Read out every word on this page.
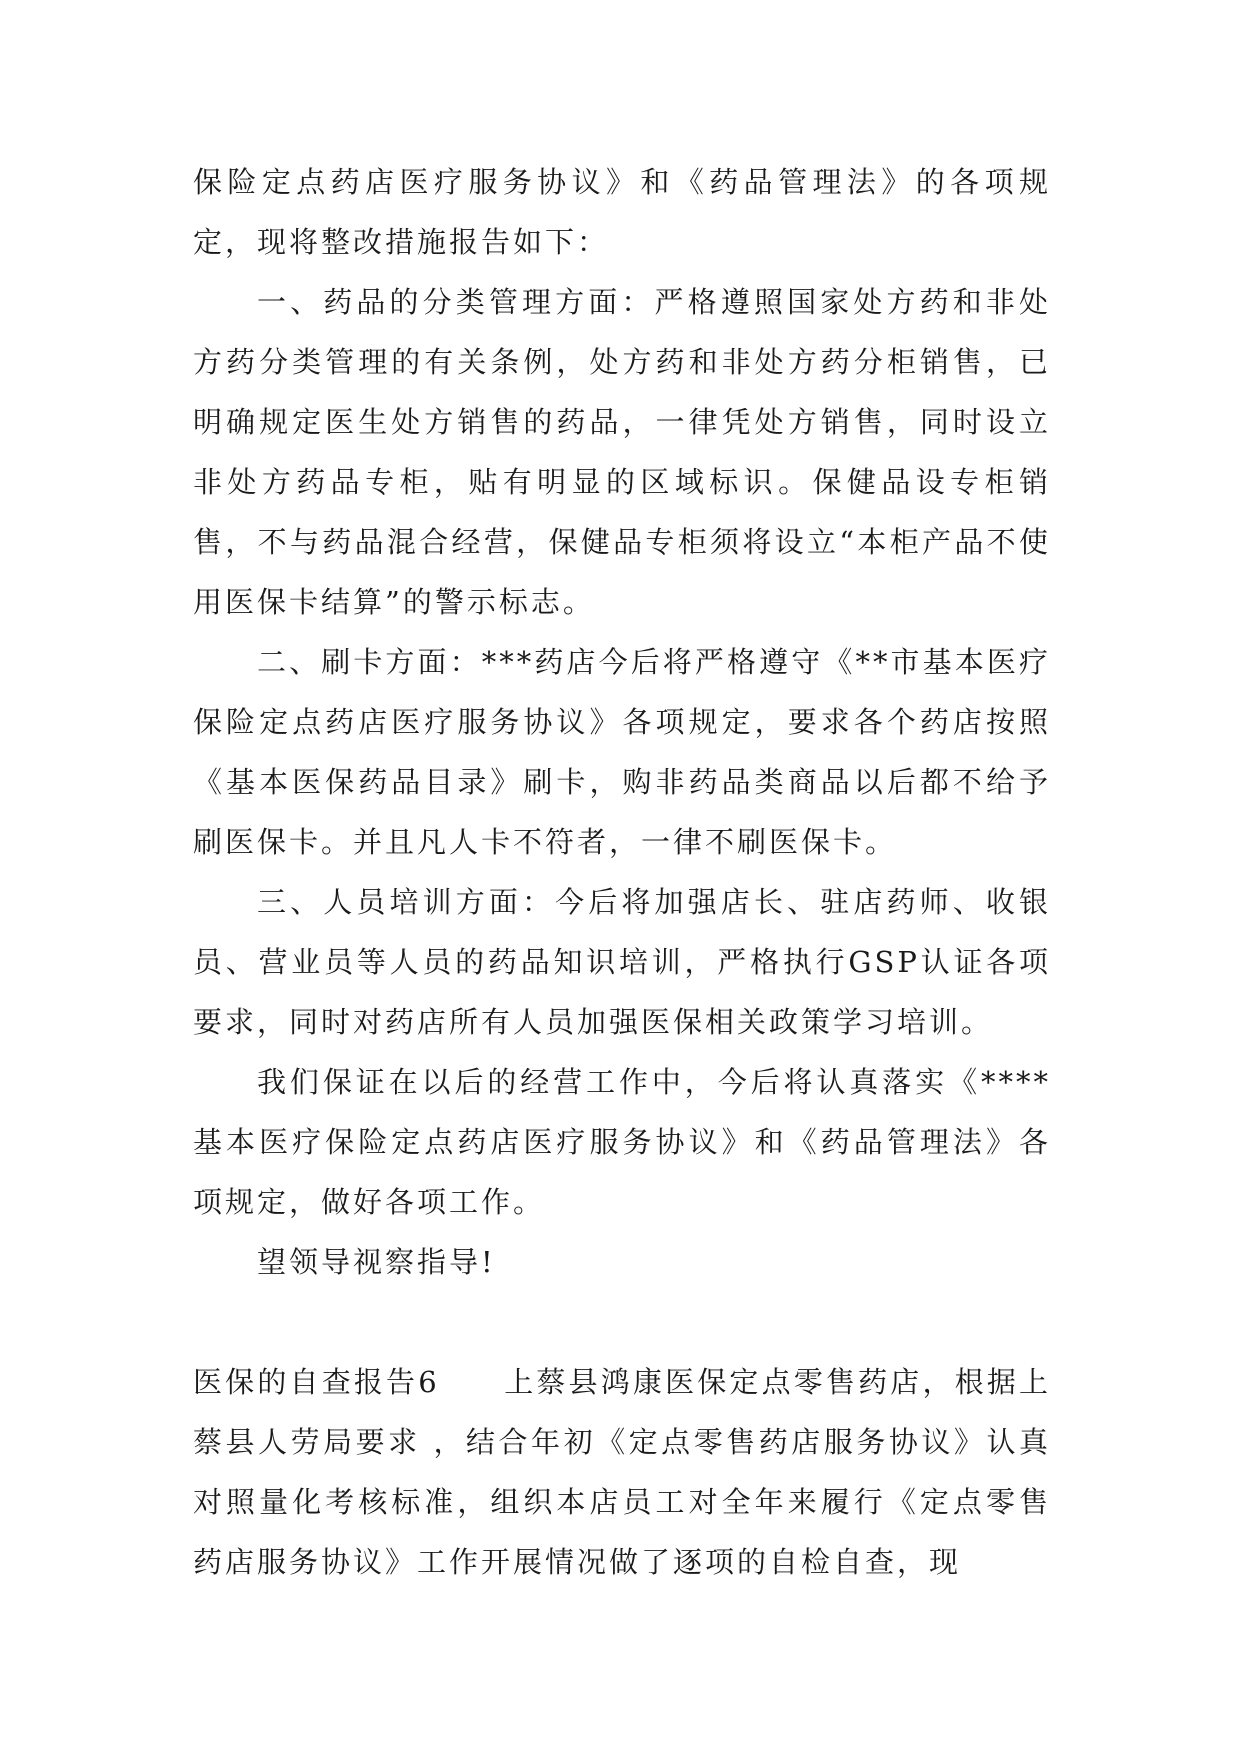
保险定点药店医疗服务协议》和《药品管理法》的各项规定，现将整改措施报告如下：

一、药品的分类管理方面：严格遵照国家处方药和非处方药分类管理的有关条例，处方药和非处方药分柜销售，已明确规定医生处方销售的药品，一律凭处方销售，同时设立非处方药品专柜，贴有明显的区域标识。保健品设专柜销售，不与药品混合经营，保健品专柜须将设立“本柜产品不使用医保卡结算”的警示标志。

二、刷卡方面：***药店今后将严格遵守《**市基本医疗保险定点药店医疗服务协议》各项规定，要求各个药店按照《基本医保药品目录》刷卡，购非药品类商品以后都不给予刷医保卡。并且凡人卡不符者，一律不刷医保卡。

三、人员培训方面：今后将加强店长、驻店药师、收银员、营业员等人员的药品知识培训，严格执行GSP认证各项要求，同时对药店所有人员加强医保相关政策学习培训。

我们保证在以后的经营工作中，今后将认真落实《****基本医疗保险定点药店医疗服务协议》和《药品管理法》各项规定，做好各项工作。

望领导视察指导!

医保的自查报告6　　上蔡县鸿康医保定点零售药店，根据上蔡县人劳局要求 ，结合年初《定点零售药店服务协议》认真对照量化考核标准，组织本店员工对全年来履行《定点零售药店服务协议》工作开展情况做了逐项的自检自查，现
